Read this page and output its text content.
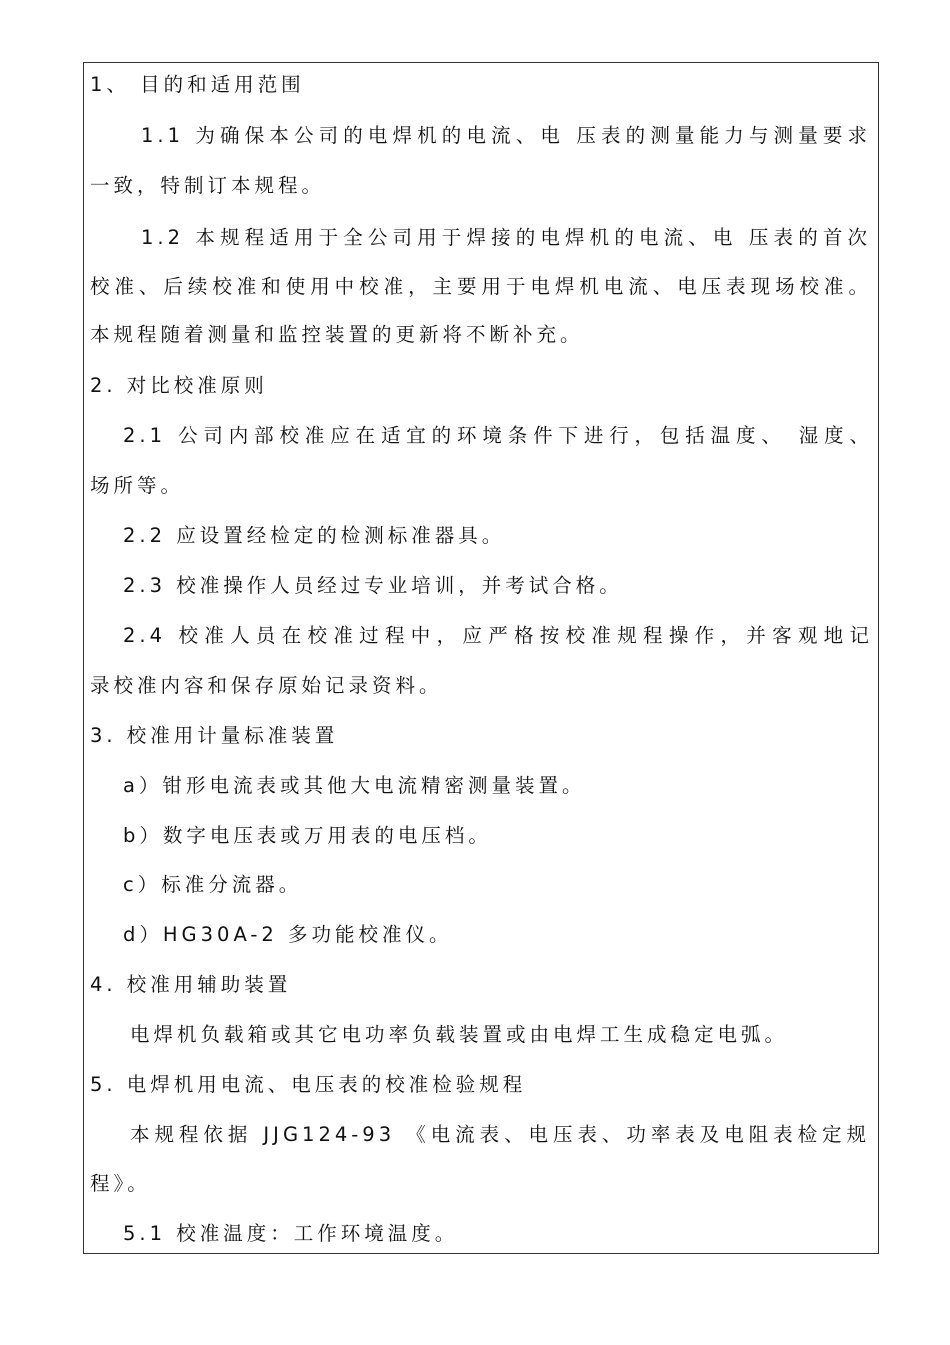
1、 目的和适用范围
1.1 为确保本公司的电焊机的电流、电 压表的测量能力与测量要求
一致，特制订本规程。
1.2 本规程适用于全公司用于焊接的电焊机的电流、电 压表的首次
校准、后续校准和使用中校准，主要用于电焊机电流、电压表现场校准。
本规程随着测量和监控装置的更新将不断补充。
2. 对比校准原则
2.1 公司内部校准应在适宜的环境条件下进行，包括温度、 湿度、
场所等。
2.2 应设置经检定的检测标准器具。
2.3 校准操作人员经过专业培训，并考试合格。
2.4 校准人员在校准过程中，应严格按校准规程操作，并客观地记
录校准内容和保存原始记录资料。
3. 校准用计量标准装置
a）钳形电流表或其他大电流精密测量装置。
b）数字电压表或万用表的电压档。
c）标准分流器。
d）HG30A-2 多功能校准仪。
4. 校准用辅助装置
电焊机负载箱或其它电功率负载装置或由电焊工生成稳定电弧。
5. 电焊机用电流、电压表的校准检验规程
本规程依据 JJG124-93 《电流表、电压表、功率表及电阻表检定规
程》。
5.1 校准温度：工作环境温度。
